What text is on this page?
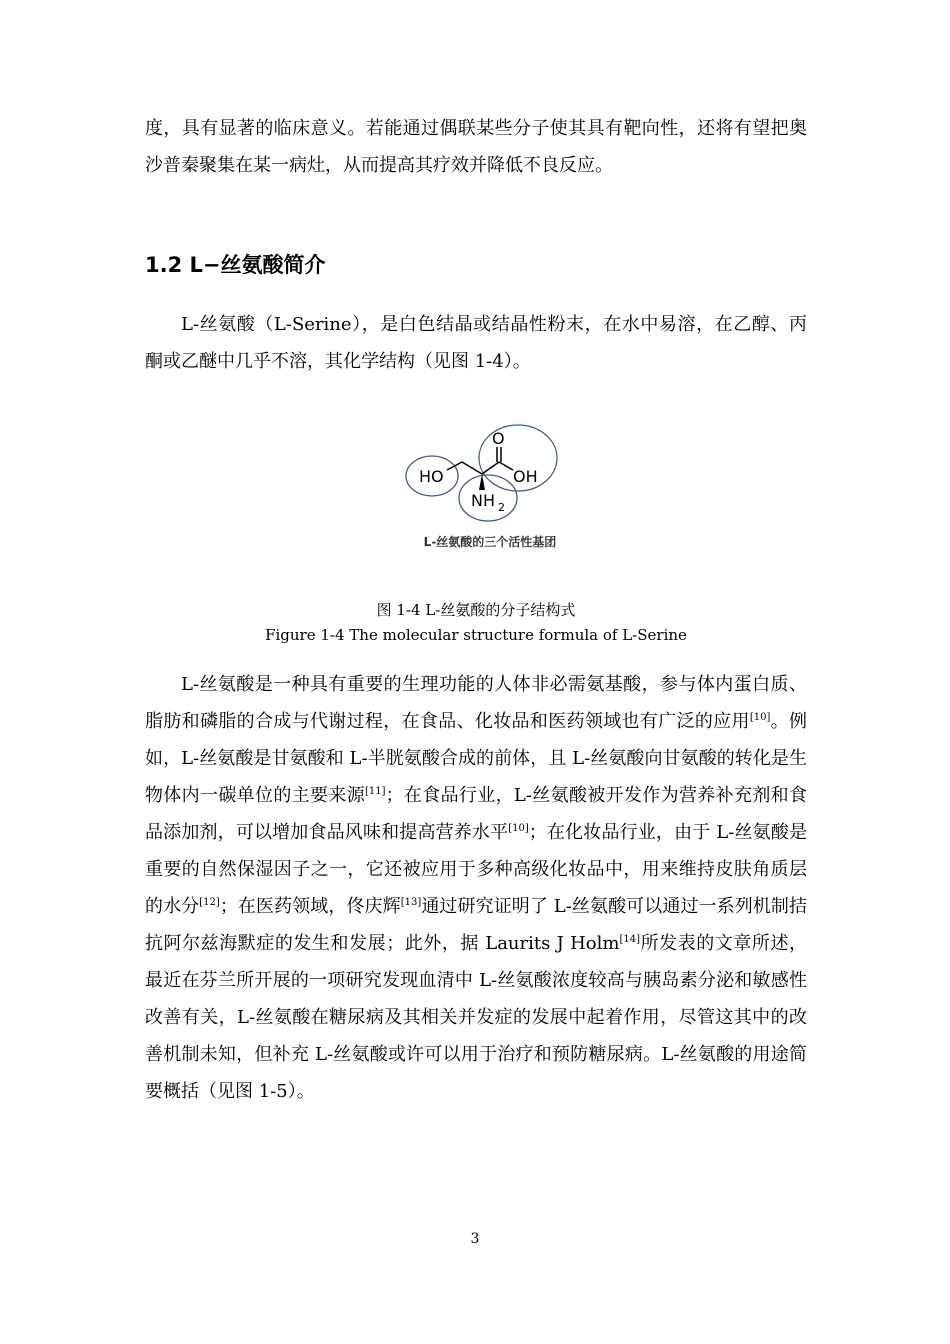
度，具有显著的临床意义。若能通过偶联某些分子使其具有靶向性，还将有望把奥沙普秦聚集在某一病灶，从而提高其疗效并降低不良反应。

1.2 L−丝氨酸简介

L-丝氨酸（L-Serine），是白色结晶或结晶性粉末，在水中易溶，在乙醇、丙酮或乙醚中几乎不溶，其化学结构（见图 1-4）。

HO
O
OH
NH 2
L-丝氨酸的三个活性基团

图 1-4 L-丝氨酸的分子结构式

Figure 1-4 The molecular structure formula of L-Serine

L-丝氨酸是一种具有重要的生理功能的人体非必需氨基酸，参与体内蛋白质、脂肪和磷脂的合成与代谢过程，在食品、化妆品和医药领域也有广泛的应用[10]。例如，L-丝氨酸是甘氨酸和 L-半胱氨酸合成的前体，且 L-丝氨酸向甘氨酸的转化是生物体内一碳单位的主要来源[11]；在食品行业，L-丝氨酸被开发作为营养补充剂和食品添加剂，可以增加食品风味和提高营养水平[10]；在化妆品行业，由于 L-丝氨酸是重要的自然保湿因子之一，它还被应用于多种高级化妆品中，用来维持皮肤角质层的水分[12]；在医药领域，佟庆辉[13]通过研究证明了 L-丝氨酸可以通过一系列机制拮抗阿尔兹海默症的发生和发展；此外，据 Laurits J Holm[14]所发表的文章所述，最近在芬兰所开展的一项研究发现血清中 L-丝氨酸浓度较高与胰岛素分泌和敏感性改善有关，L-丝氨酸在糖尿病及其相关并发症的发展中起着作用，尽管这其中的改善机制未知，但补充 L-丝氨酸或许可以用于治疗和预防糖尿病。L-丝氨酸的用途简要概括（见图 1-5）。

3
